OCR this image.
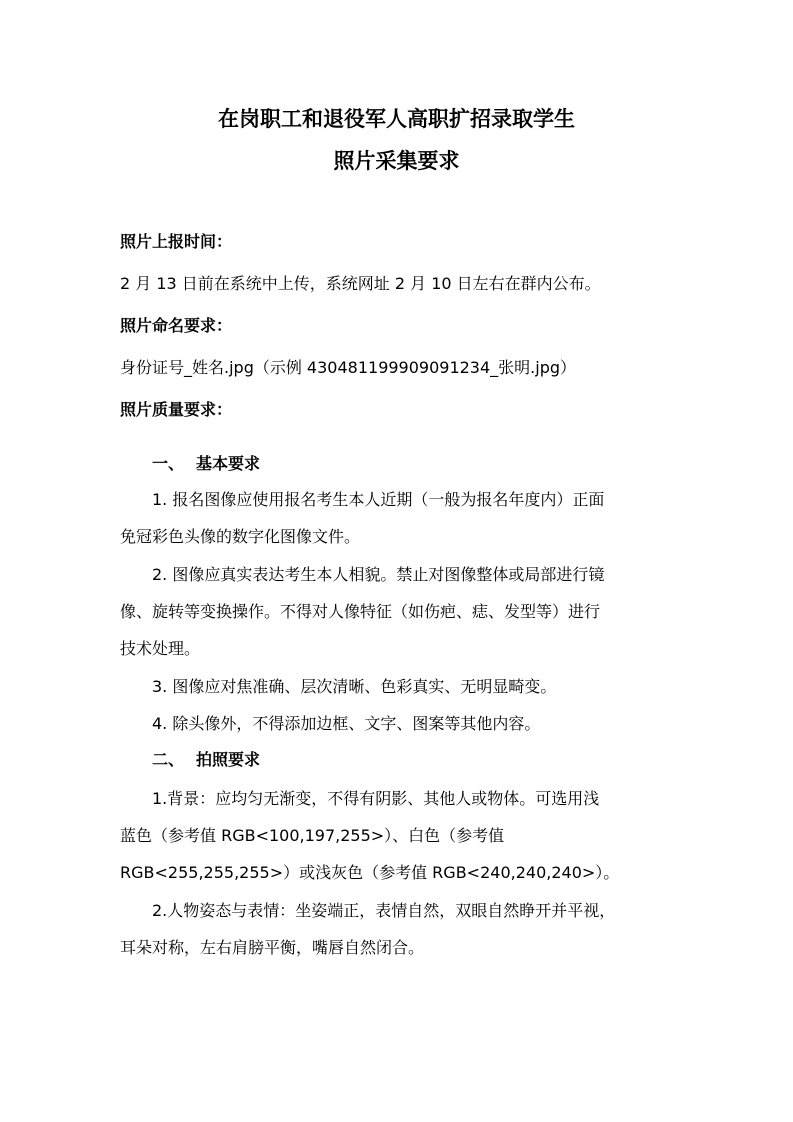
在岗职工和退役军人高职扩招录取学生
照片采集要求
照片上报时间：
2 月 13 日前在系统中上传，系统网址 2 月 10 日左右在群内公布。
照片命名要求：
身份证号_姓名.jpg（示例 430481199909091234_张明.jpg）
照片质量要求：
一、 基本要求
1. 报名图像应使用报名考生本人近期（一般为报名年度内）正面
免冠彩色头像的数字化图像文件。
2. 图像应真实表达考生本人相貌。禁止对图像整体或局部进行镜
像、旋转等变换操作。不得对人像特征（如伤疤、痣、发型等）进行
技术处理。
3. 图像应对焦准确、层次清晰、色彩真实、无明显畸变。
4. 除头像外，不得添加边框、文字、图案等其他内容。
二、 拍照要求
1.背景：应均匀无渐变，不得有阴影、其他人或物体。可选用浅
蓝色（参考值 RGB<100,197,255>）、白色（参考值
RGB<255,255,255>）或浅灰色（参考值 RGB<240,240,240>）。
2.人物姿态与表情：坐姿端正，表情自然，双眼自然睁开并平视，
耳朵对称，左右肩膀平衡，嘴唇自然闭合。
